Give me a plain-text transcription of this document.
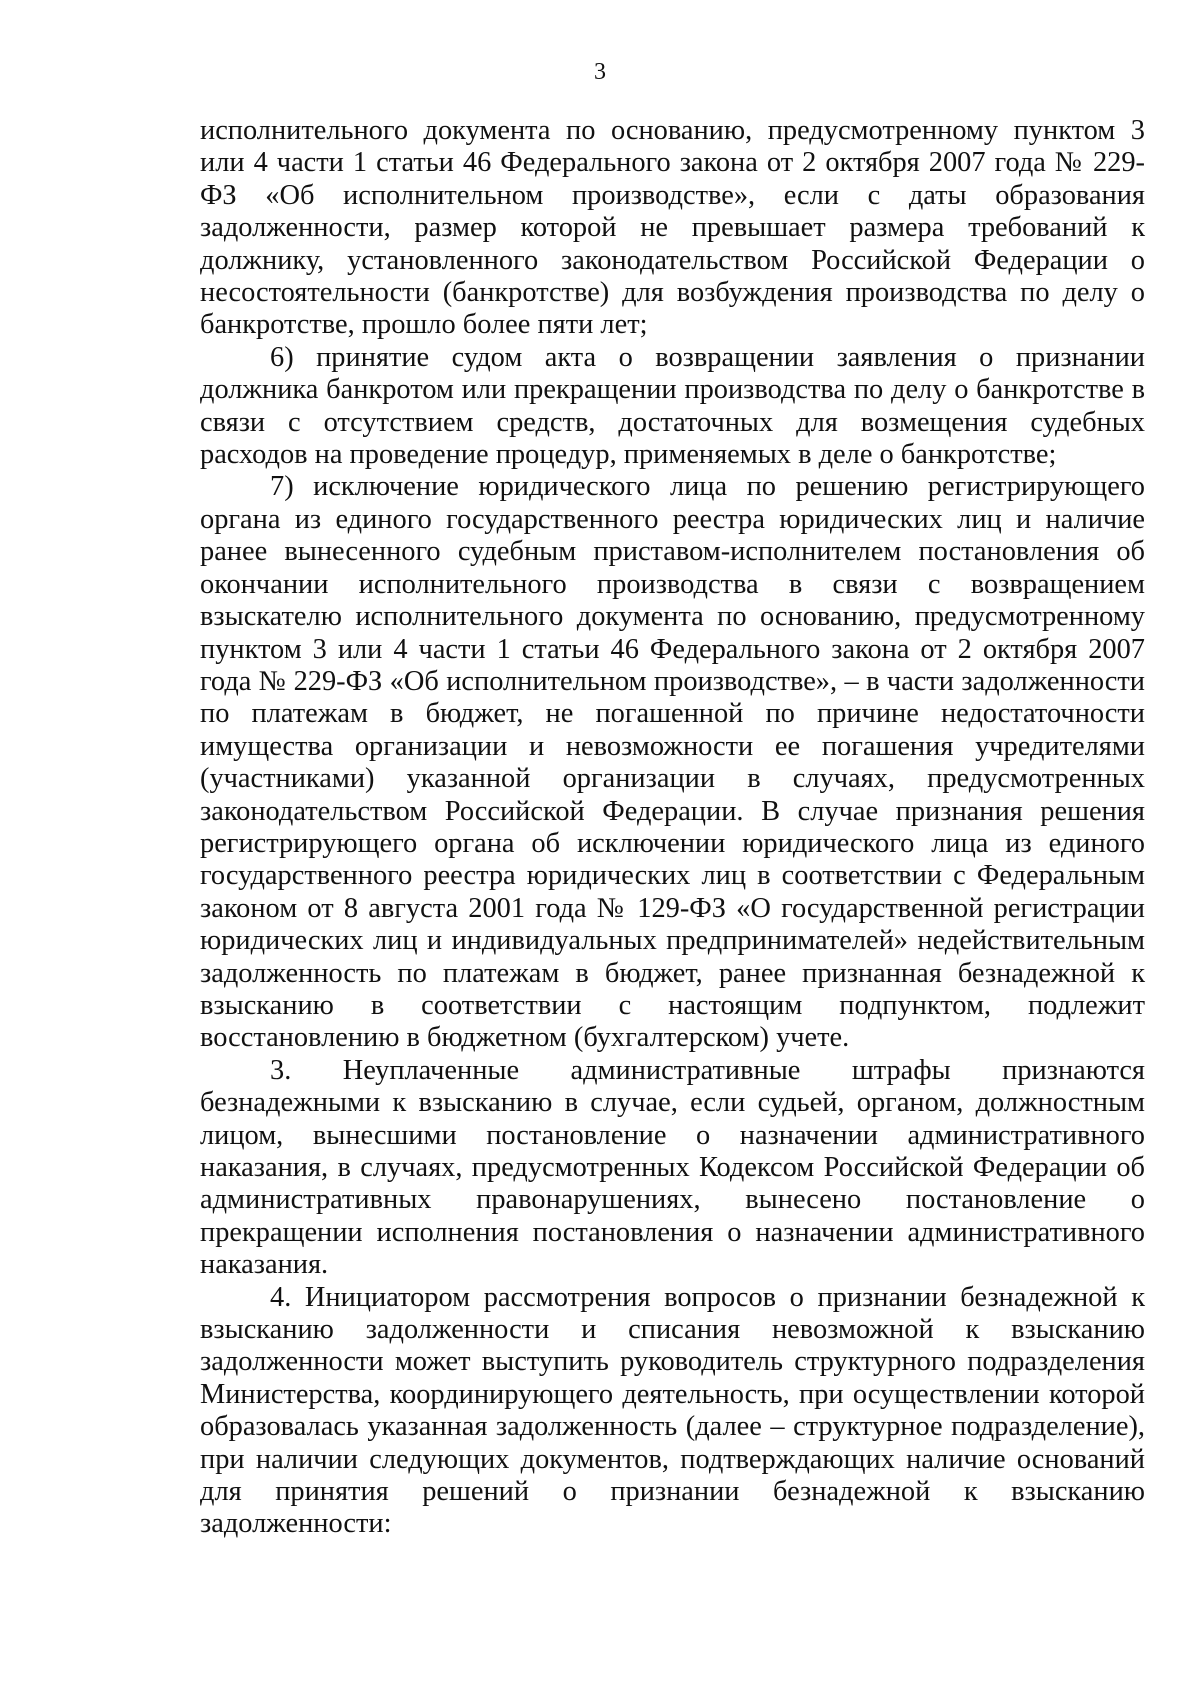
3

исполнительного документа по основанию, предусмотренному пунктом 3 или 4 части 1 статьи 46 Федерального закона от 2 октября 2007 года № 229-ФЗ «Об исполнительном производстве», если с даты образования задолженности, размер которой не превышает размера требований к должнику, установленного законодательством Российской Федерации о несостоятельности (банкротстве) для возбуждения производства по делу о банкротстве, прошло более пяти лет;

6) принятие судом акта о возвращении заявления о признании должника банкротом или прекращении производства по делу о банкротстве в связи с отсутствием средств, достаточных для возмещения судебных расходов на проведение процедур, применяемых в деле о банкротстве;

7) исключение юридического лица по решению регистрирующего органа из единого государственного реестра юридических лиц и наличие ранее вынесенного судебным приставом-исполнителем постановления об окончании исполнительного производства в связи с возвращением взыскателю исполнительного документа по основанию, предусмотренному пунктом 3 или 4 части 1 статьи 46 Федерального закона от 2 октября 2007 года № 229-ФЗ «Об исполнительном производстве», – в части задолженности по платежам в бюджет, не погашенной по причине недостаточности имущества организации и невозможности ее погашения учредителями (участниками) указанной организации в случаях, предусмотренных законодательством Российской Федерации. В случае признания решения регистрирующего органа об исключении юридического лица из единого государственного реестра юридических лиц в соответствии с Федеральным законом от 8 августа 2001 года № 129-ФЗ «О государственной регистрации юридических лиц и индивидуальных предпринимателей» недействительным задолженность по платежам в бюджет, ранее признанная безнадежной к взысканию в соответствии с настоящим подпунктом, подлежит восстановлению в бюджетном (бухгалтерском) учете.

3. Неуплаченные административные штрафы признаются безнадежными к взысканию в случае, если судьей, органом, должностным лицом, вынесшими постановление о назначении административного наказания, в случаях, предусмотренных Кодексом Российской Федерации об административных правонарушениях, вынесено постановление о прекращении исполнения постановления о назначении административного наказания.

4. Инициатором рассмотрения вопросов о признании безнадежной к взысканию задолженности и списания невозможной к взысканию задолженности может выступить руководитель структурного подразделения Министерства, координирующего деятельность, при осуществлении которой образовалась указанная задолженность (далее – структурное подразделение), при наличии следующих документов, подтверждающих наличие оснований для принятия решений о признании безнадежной к взысканию задолженности:
